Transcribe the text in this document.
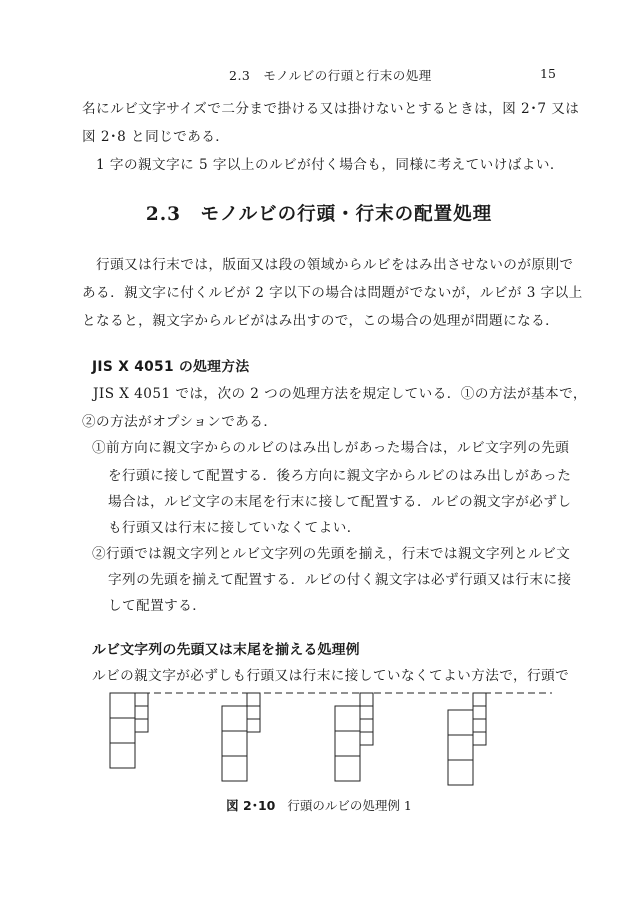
2.3　モノルビの行頭と行末の処理	15
名にルビ文字サイズで二分まで掛ける又は掛けないとするときは，図 2･7 又は
図 2･8 と同じである．
　1 字の親文字に 5 字以上のルビが付く場合も，同様に考えていけばよい．
2.3　モノルビの行頭・行末の配置処理
　行頭又は行末では，版面又は段の領域からルビをはみ出させないのが原則で
ある．親文字に付くルビが 2 字以下の場合は問題がでないが，ルビが 3 字以上
となると，親文字からルビがはみ出すので，この場合の処理が問題になる．
JIS X 4051 の処理方法
JIS X 4051 では，次の 2 つの処理方法を規定している．①の方法が基本で，
②の方法がオプションである．
①前方向に親文字からのルビのはみ出しがあった場合は，ルビ文字列の先頭
を行頭に接して配置する．後ろ方向に親文字からルビのはみ出しがあった
場合は，ルビ文字の末尾を行末に接して配置する．ルビの親文字が必ずし
も行頭又は行末に接していなくてよい．
②行頭では親文字列とルビ文字列の先頭を揃え，行末では親文字列とルビ文
字列の先頭を揃えて配置する．ルビの付く親文字は必ず行頭又は行末に接
して配置する．
ルビ文字列の先頭又は末尾を揃える処理例
ルビの親文字が必ずしも行頭又は行末に接していなくてよい方法で，行頭で
図 2･10 行頭のルビの処理例 1
